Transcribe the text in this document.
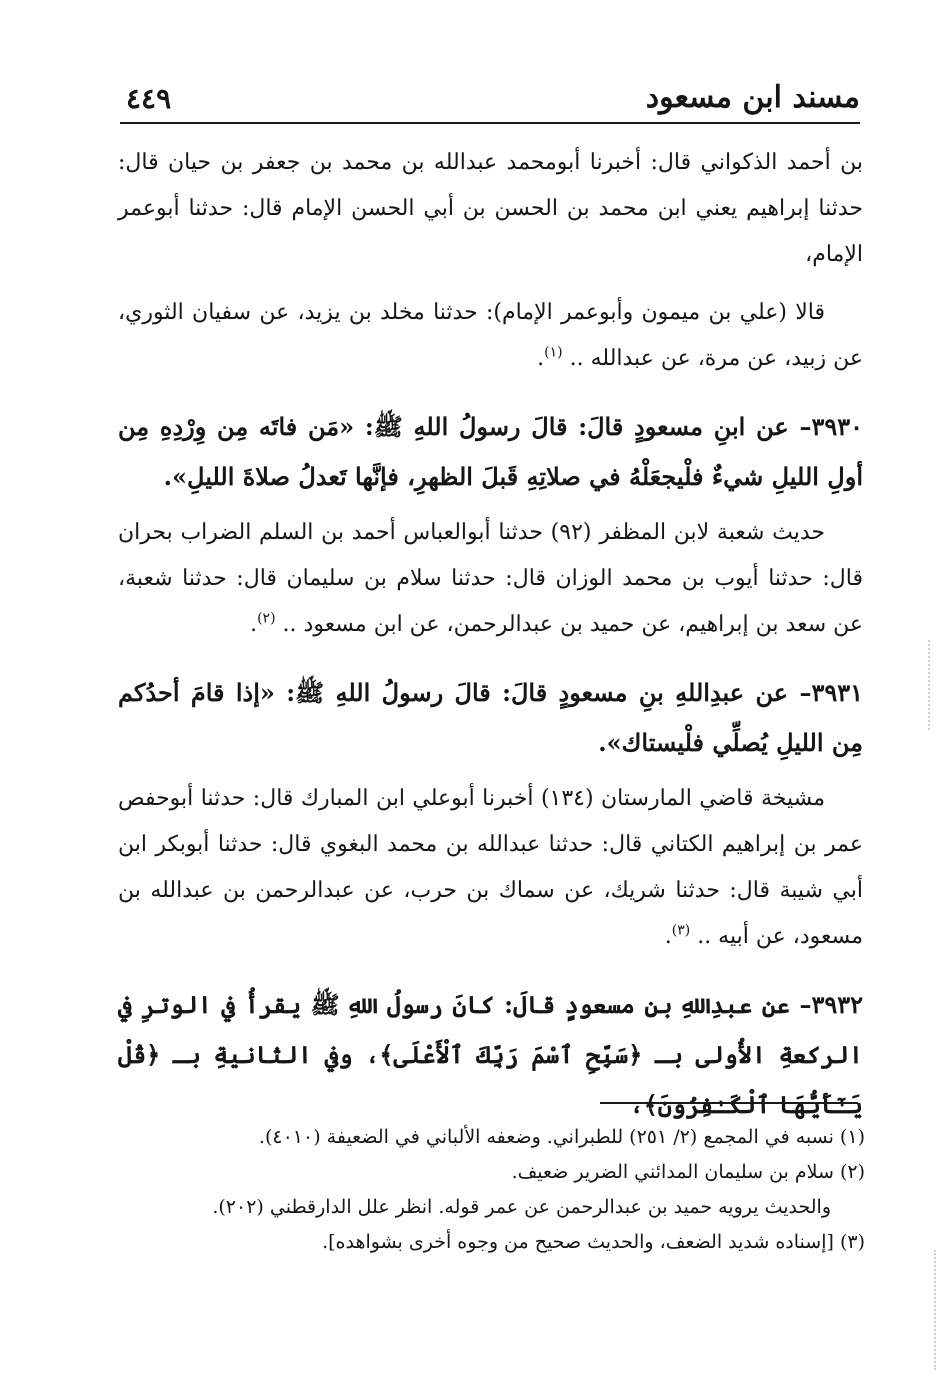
مسند ابن مسعود
٤٤٩

بن أحمد الذكواني قال: أخبرنا أبومحمد عبدالله بن محمد بن جعفر بن حيان قال: حدثنا إبراهيم يعني ابن محمد بن الحسن بن أبي الحسن الإمام قال: حدثنا أبوعمر الإمام،

قالا (علي بن ميمون وأبوعمر الإمام): حدثنا مخلد بن يزيد، عن سفيان الثوري، عن زبيد، عن مرة، عن عبدالله .. $^{(١)}$.

٣٩٣٠– عن ابنِ مسعودٍ قالَ: قالَ رسولُ اللهِ ﷺ: «مَن فاتَه مِن وِرْدِهِ مِن أولِ الليلِ شيءٌ فلْيجعَلْهُ في صلاتِهِ قَبلَ الظهرِ، فإنَّها تَعدلُ صلاةَ الليلِ».

حديث شعبة لابن المظفر (٩٢) حدثنا أبوالعباس أحمد بن السلم الضراب بحران قال: حدثنا أيوب بن محمد الوزان قال: حدثنا سلام بن سليمان قال: حدثنا شعبة، عن سعد بن إبراهيم، عن حميد بن عبدالرحمن، عن ابن مسعود .. $^{(٢)}$.

٣٩٣١– عن عبدِاللهِ بنِ مسعودٍ قالَ: قالَ رسولُ اللهِ ﷺ: «إذا قامَ أحدُكم مِن الليلِ يُصلِّي فلْيستاك».

مشيخة قاضي المارستان (١٣٤) أخبرنا أبوعلي ابن المبارك قال: حدثنا أبوحفص عمر بن إبراهيم الكتاني قال: حدثنا عبدالله بن محمد البغوي قال: حدثنا أبوبكر ابن أبي شيبة قال: حدثنا شريك، عن سماك بن حرب، عن عبدالرحمن بن عبدالله بن مسعود، عن أبيه .. $^{(٣)}$.

٣٩٣٢– عن عبدِاللهِ بنِ مسعودٍ قالَ: كانَ رسولُ اللهِ ﷺ يقرأُ في الوترِ في الركعةِ الأُولى بـ ﴿سَبِّحِ ٱسْمَ رَبِّكَ ٱلْأَعْلَى﴾، وفي الثانيةِ بـ ﴿قُلْ يَـٰٓأَيُّهَا ٱلْكَـٰفِرُونَ﴾،

(١) نسبه في المجمع (٢/ ٢٥١) للطبراني. وضعفه الألباني في الضعيفة (٤٠١٠).

(٢) سلام بن سليمان المدائني الضرير ضعيف.

والحديث يرويه حميد بن عبدالرحمن عن عمر قوله. انظر علل الدارقطني (٢٠٢).

(٣) [إسناده شديد الضعف، والحديث صحيح من وجوه أخرى بشواهده].
